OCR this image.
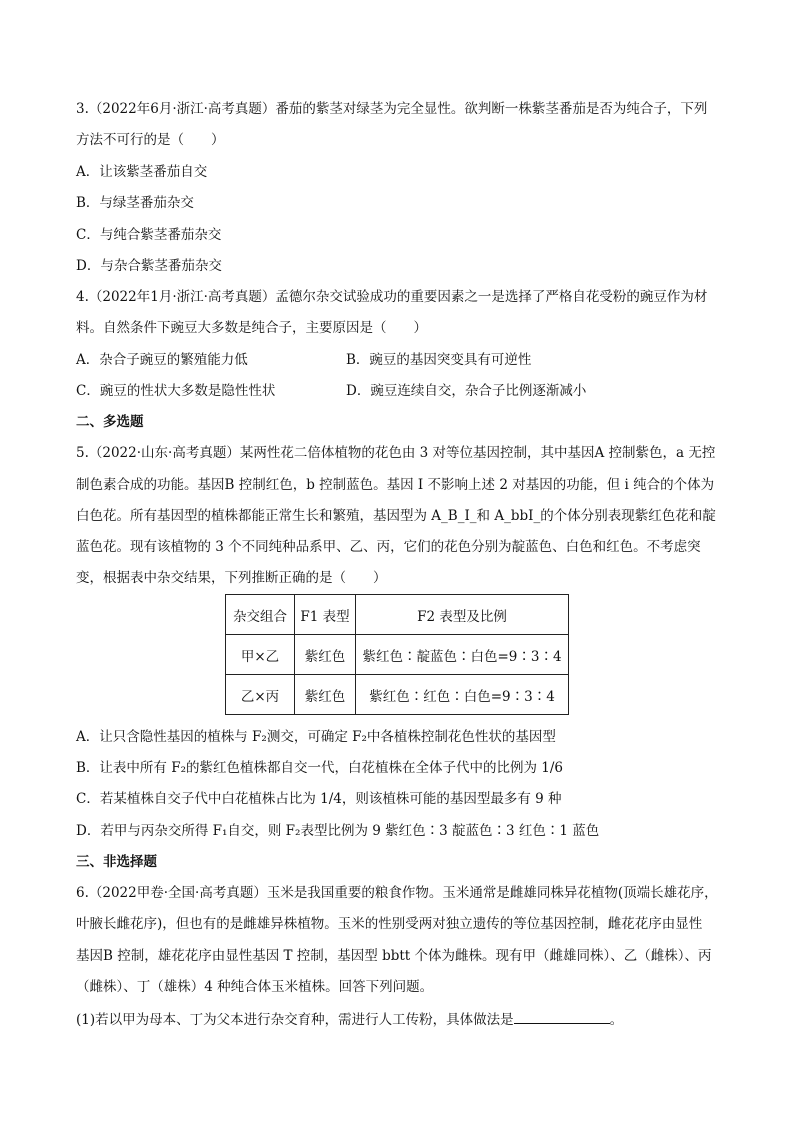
3.（2022年6月·浙江·高考真题）番茄的紫茎对绿茎为完全显性。欲判断一株紫茎番茄是否为纯合子，下列
方法不可行的是（　　）
A．让该紫茎番茄自交
B．与绿茎番茄杂交
C．与纯合紫茎番茄杂交
D．与杂合紫茎番茄杂交
4.（2022年1月·浙江·高考真题）孟德尔杂交试验成功的重要因素之一是选择了严格自花受粉的豌豆作为材
料。自然条件下豌豆大多数是纯合子，主要原因是（　　）
A．杂合子豌豆的繁殖能力低	B．豌豆的基因突变具有可逆性
C．豌豆的性状大多数是隐性性状	D．豌豆连续自交，杂合子比例逐渐减小
二、多选题
5.（2022·山东·高考真题）某两性花二倍体植物的花色由 3 对等位基因控制，其中基因A 控制紫色，a 无控
制色素合成的功能。基因B 控制红色，b 控制蓝色。基因 I 不影响上述 2 对基因的功能，但 i 纯合的个体为
白色花。所有基因型的植株都能正常生长和繁殖，基因型为 A_B_I_和 A_bbI_的个体分别表现紫红色花和靛
蓝色花。现有该植物的 3 个不同纯种品系甲、乙、丙，它们的花色分别为靛蓝色、白色和红色。不考虑突
变，根据表中杂交结果，下列推断正确的是（　　）
杂交组合	F1 表型	F2 表型及比例
甲×乙	紫红色	紫红色∶靛蓝色∶白色=9∶3∶4
乙×丙	紫红色	紫红色∶红色∶白色=9∶3∶4
A．让只含隐性基因的植株与 F₂测交，可确定 F₂中各植株控制花色性状的基因型
B．让表中所有 F₂的紫红色植株都自交一代，白花植株在全体子代中的比例为 1/6
C．若某植株自交子代中白花植株占比为 1/4，则该植株可能的基因型最多有 9 种
D．若甲与丙杂交所得 F₁自交，则 F₂表型比例为 9 紫红色∶3 靛蓝色∶3 红色∶1 蓝色
三、非选择题
6.（2022甲卷·全国·高考真题）玉米是我国重要的粮食作物。玉米通常是雌雄同株异花植物(顶端长雄花序，
叶腋长雌花序)，但也有的是雌雄异株植物。玉米的性别受两对独立遗传的等位基因控制，雌花花序由显性
基因B 控制，雄花花序由显性基因 T 控制，基因型 bbtt 个体为雌株。现有甲（雌雄同株）、乙（雌株）、丙
（雌株）、丁（雄株）4 种纯合体玉米植株。回答下列问题。
(1)若以甲为母本、丁为父本进行杂交育种，需进行人工传粉，具体做法是	。
